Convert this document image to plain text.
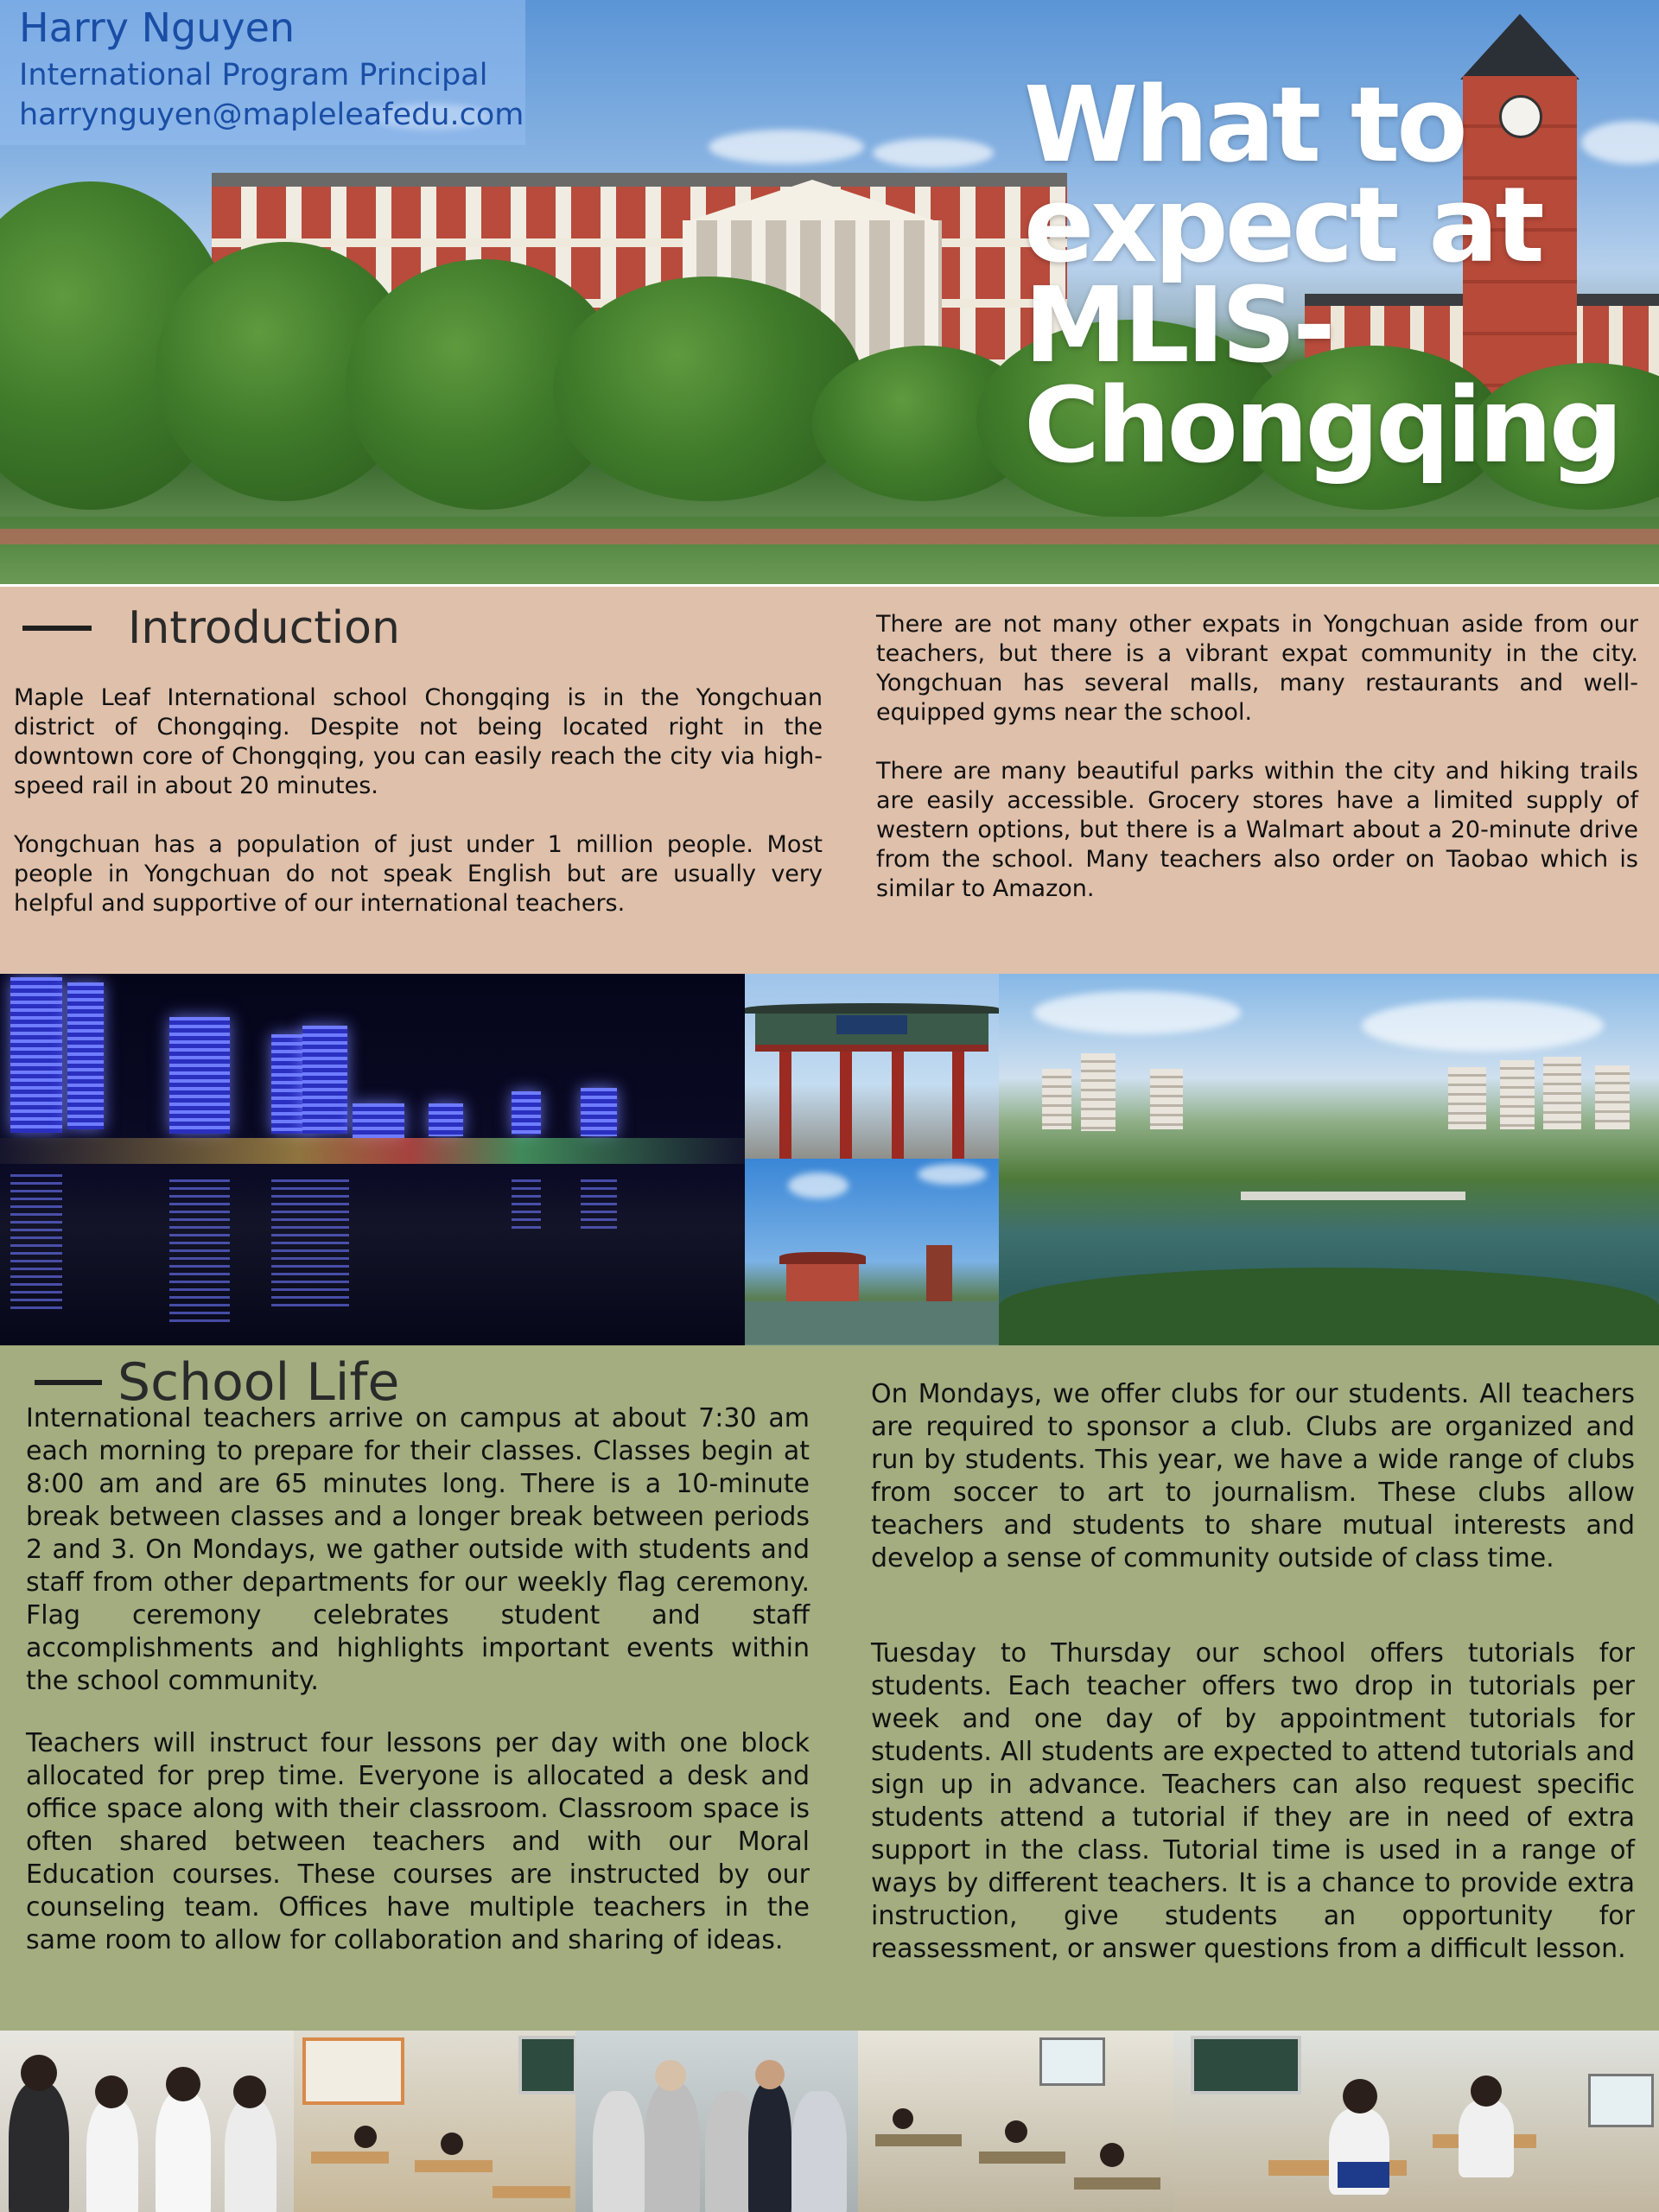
Harry Nguyen
International Program Principal
harrynguyen@mapleleafedu.com	What to
expect at
MLIS-
Chongqing
Introduction

Maple Leaf International school Chongqing is in the Yongchuan district of Chongqing. Despite not being located right in the downtown core of Chongqing, you can easily reach the city via high-speed rail in about 20 minutes.

Yongchuan has a population of just under 1 million people. Most people in Yongchuan do not speak English but are usually very helpful and supportive of our international teachers.

There are not many other expats in Yongchuan aside from our teachers, but there is a vibrant expat community in the city. Yongchuan has several malls, many restaurants and well-equipped gyms near the school.

There are many beautiful parks within the city and hiking trails are easily accessible. Grocery stores have a limited supply of western options, but there is a Walmart about a 20-minute drive from the school. Many teachers also order on Taobao which is similar to Amazon.

School Life

International teachers arrive on campus at about 7:30 am each morning to prepare for their classes. Classes begin at 8:00 am and are 65 minutes long. There is a 10-minute break between classes and a longer break between periods 2 and 3. On Mondays, we gather outside with students and staff from other departments for our weekly flag ceremony. Flag ceremony celebrates student and staff accomplishments and highlights important events within the school community.

Teachers will instruct four lessons per day with one block allocated for prep time. Everyone is allocated a desk and office space along with their classroom. Classroom space is often shared between teachers and with our Moral Education courses. These courses are instructed by our counseling team. Offices have multiple teachers in the same room to allow for collaboration and sharing of ideas.

On Mondays, we offer clubs for our students. All teachers are required to sponsor a club. Clubs are organized and run by students. This year, we have a wide range of clubs from soccer to art to journalism. These clubs allow teachers and students to share mutual interests and develop a sense of community outside of class time.

Tuesday to Thursday our school offers tutorials for students. Each teacher offers two drop in tutorials per week and one day of by appointment tutorials for students. All students are expected to attend tutorials and sign up in advance. Teachers can also request specific students attend a tutorial if they are in need of extra support in the class. Tutorial time is used in a range of ways by different teachers. It is a chance to provide extra instruction, give students an opportunity for reassessment, or answer questions from a difficult lesson.
